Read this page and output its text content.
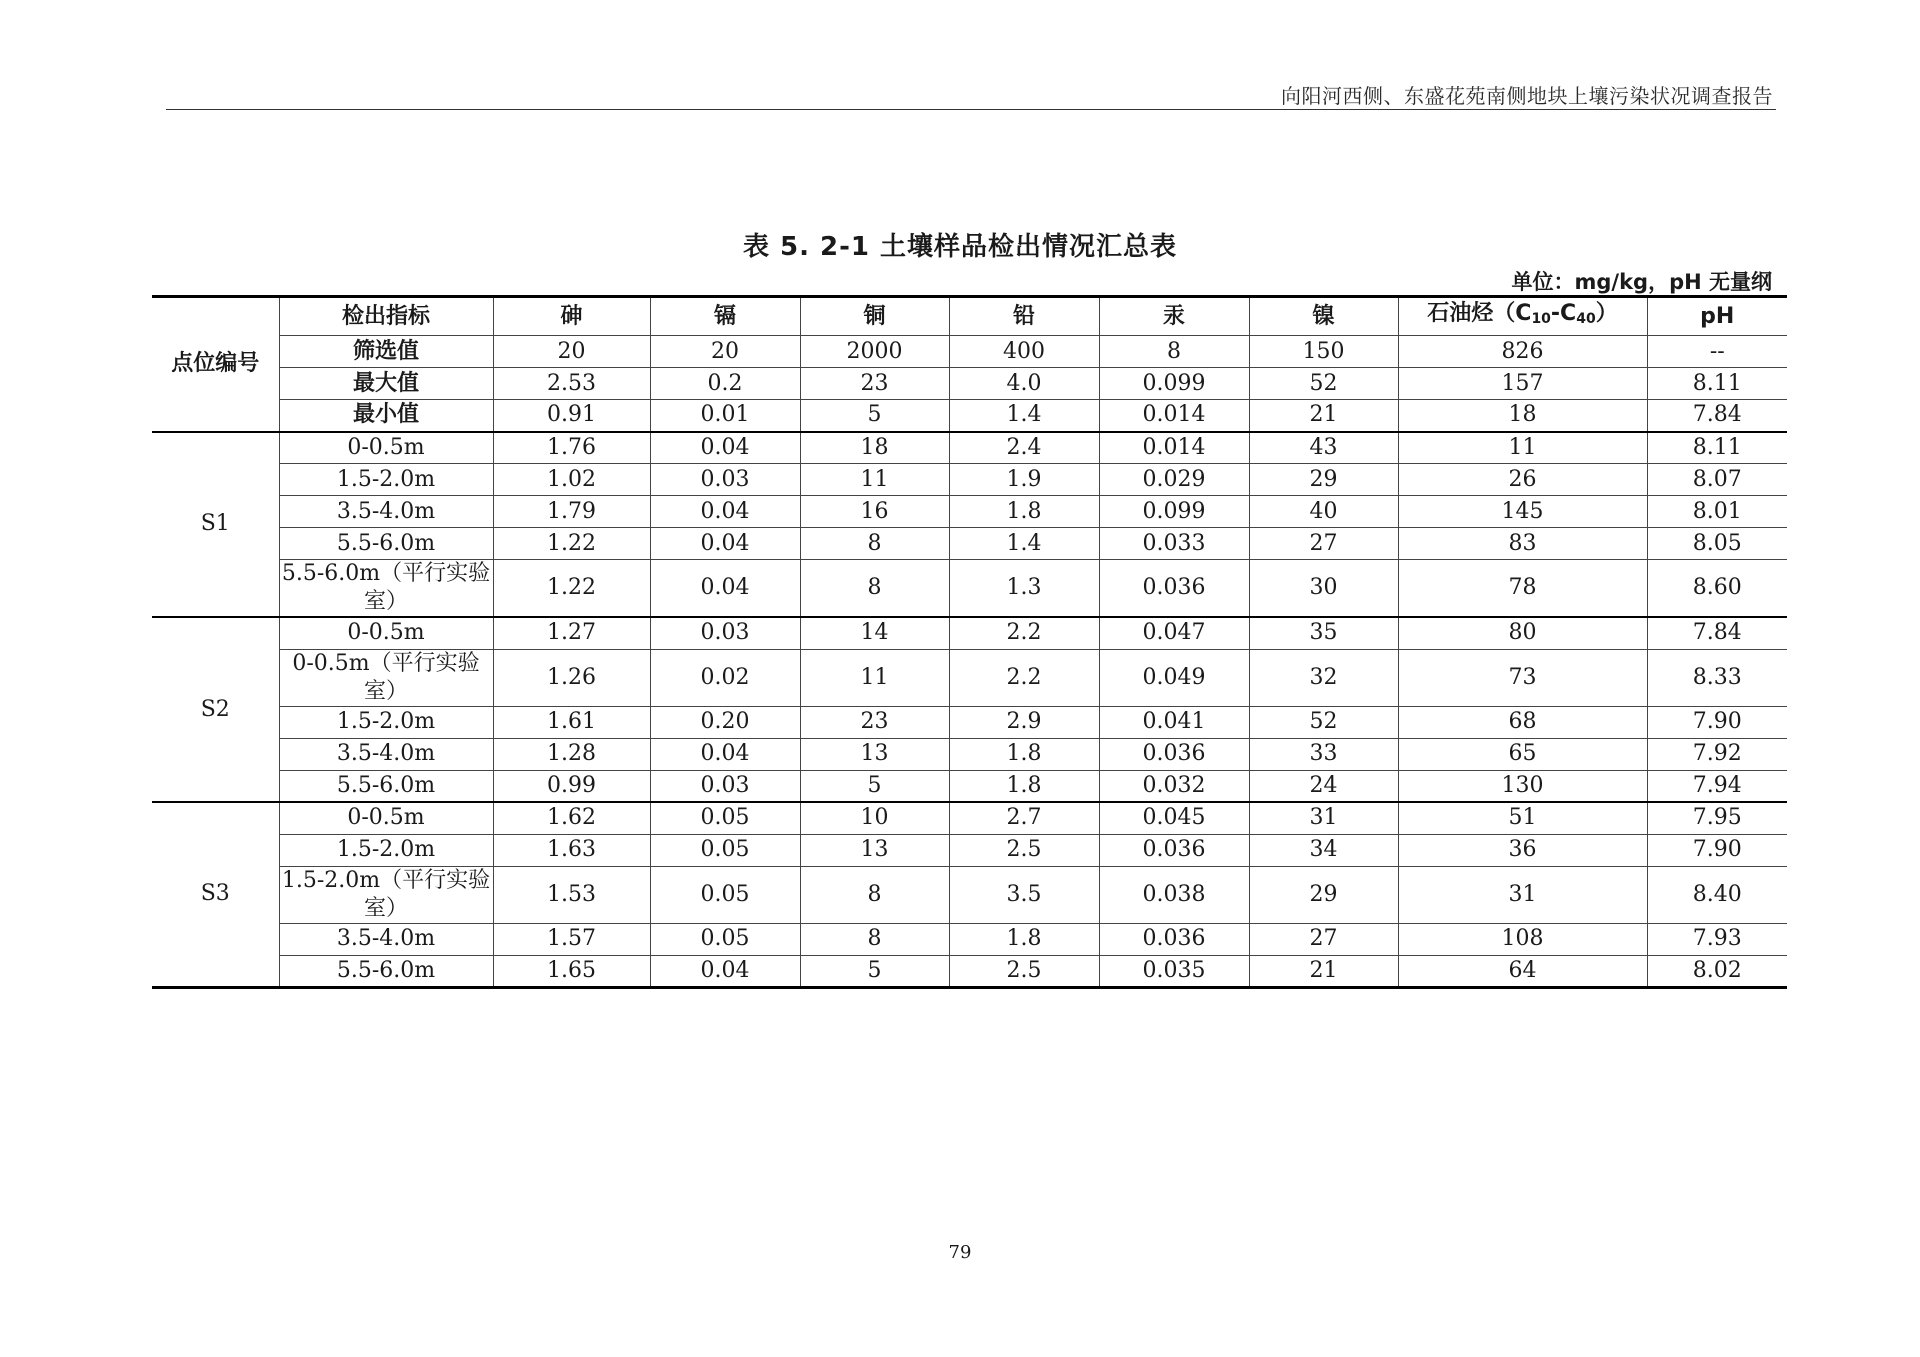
向阳河西侧、东盛花苑南侧地块上壤污染状况调查报告
表 5. 2-1 土壤样品检出情况汇总表
单位：mg/kg，pH 无量纲
点位编号	检出指标	砷	镉	铜	铅	汞	镍	石油烃$(C_{10}-C_{40})$	pH
	筛选值	20	20	2000	400	8	150	826	--
	最大值	2.53	0.2	23	4.0	0.099	52	157	8.11
	最小值	0.91	0.01	5	1.4	0.014	21	18	7.84
S1	0-0.5m	1.76	0.04	18	2.4	0.014	43	11	8.11
	1.5-2.0m	1.02	0.03	11	1.9	0.029	29	26	8.07
	3.5-4.0m	1.79	0.04	16	1.8	0.099	40	145	8.01
	5.5-6.0m	1.22	0.04	8	1.4	0.033	27	83	8.05
	5.5-6.0m（平行实验室）	1.22	0.04	8	1.3	0.036	30	78	8.60
S2	0-0.5m	1.27	0.03	14	2.2	0.047	35	80	7.84
	0-0.5m（平行实验室）	1.26	0.02	11	2.2	0.049	32	73	8.33
	1.5-2.0m	1.61	0.20	23	2.9	0.041	52	68	7.90
	3.5-4.0m	1.28	0.04	13	1.8	0.036	33	65	7.92
	5.5-6.0m	0.99	0.03	5	1.8	0.032	24	130	7.94
S3	0-0.5m	1.62	0.05	10	2.7	0.045	31	51	7.95
	1.5-2.0m	1.63	0.05	13	2.5	0.036	34	36	7.90
	1.5-2.0m（平行实验室）	1.53	0.05	8	3.5	0.038	29	31	8.40
	3.5-4.0m	1.57	0.05	8	1.8	0.036	27	108	7.93
	5.5-6.0m	1.65	0.04	5	2.5	0.035	21	64	8.02
79
